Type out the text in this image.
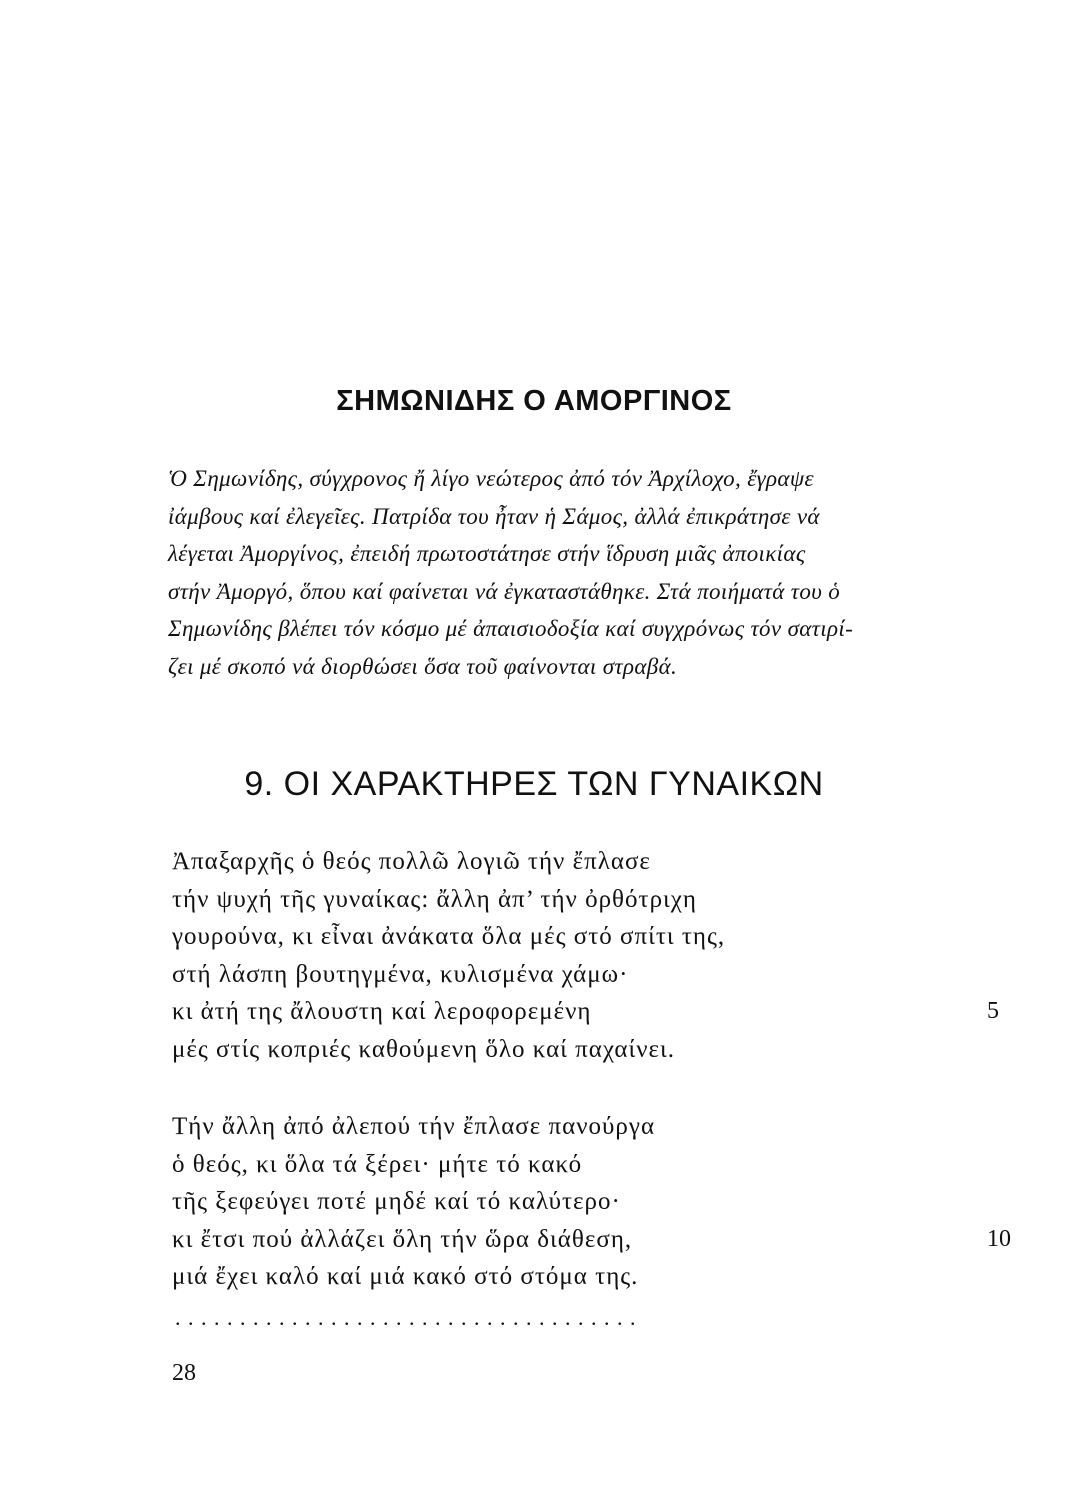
ΣΗΜΩΝΙΔΗΣ Ο ΑΜΟΡΓΙΝΟΣ
Ὁ Σημωνίδης, σύγχρονος ἤ λίγο νεώτερος ἀπό τόν Ἀρχίλοχο, ἔγραψε
ἰάμβους καί ἐλεγεῖες. Πατρίδα του ἦταν ἡ Σάμος, ἀλλά ἐπικράτησε νά
λέγεται Ἀμοργίνος, ἐπειδή πρωτοστάτησε στήν ἵδρυση μιᾶς ἀποικίας
στήν Ἀμοργό, ὅπου καί φαίνεται νά ἐγκαταστάθηκε. Στά ποιήματά του ὁ
Σημωνίδης βλέπει τόν κόσμο μέ ἀπαισιοδοξία καί συγχρόνως τόν σατιρί-
ζει μέ σκοπό νά διορθώσει ὅσα τοῦ φαίνονται στραβά.
9. ΟΙ ΧΑΡΑΚΤΗΡΕΣ ΤΩΝ ΓΥΝΑΙΚΩΝ
Ἀπαξαρχῆς ὁ θεός πολλῶ λογιῶ τήν ἔπλασε
τήν ψυχή τῆς γυναίκας: ἄλλη ἀπ’ τήν ὀρθότριχη
γουρούνα, κι εἶναι ἀνάκατα ὅλα μές στό σπίτι της,
στή λάσπη βουτηγμένα, κυλισμένα χάμω·
κι ἀτή της ἄλουστη καί λεροφορεμένη	5
μές στίς κοπριές καθούμενη ὅλο καί παχαίνει.
Τήν ἄλλη ἀπό ἀλεπού τήν ἔπλασε πανούργα
ὁ θεός, κι ὅλα τά ξέρει· μήτε τό κακό
τῆς ξεφεύγει ποτέ μηδέ καί τό καλύτερο·
κι ἔτσι πού ἀλλάζει ὅλη τήν ὥρα διάθεση,	10
μιά ἔχει καλό καί μιά κακό στό στόμα της.
....................................
28
